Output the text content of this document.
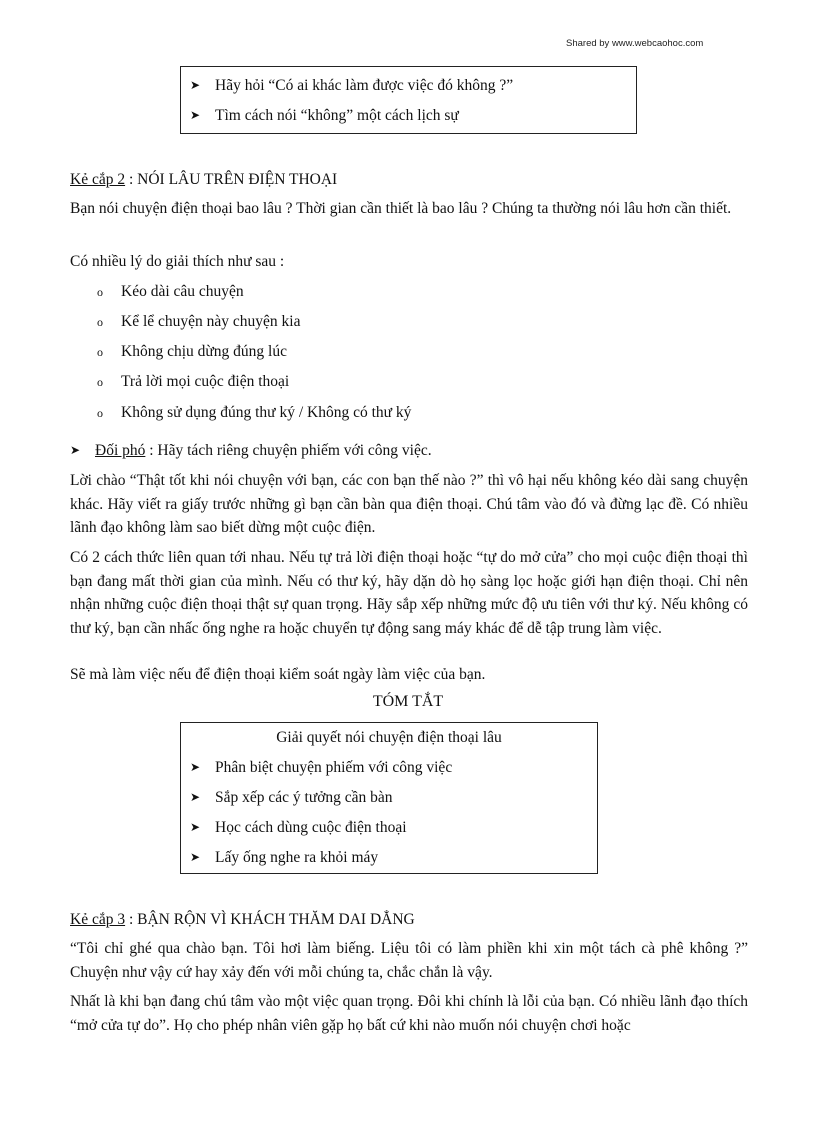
Shared by www.webcaohoc.com
➤ Hãy hỏi “Có ai khác làm được việc đó không ?”
➤ Tìm cách nói “không” một cách lịch sự
Kẻ cắp 2 : NÓI LÂU TRÊN ĐIỆN THOẠI

Bạn nói chuyện điện thoại bao lâu ? Thời gian cần thiết là bao lâu ? Chúng ta thường nói lâu hơn cần thiết.

Có nhiều lý do giải thích như sau :
o Kéo dài câu chuyện
o Kể lể chuyện này chuyện kia
o Không chịu dừng đúng lúc
o Trả lời mọi cuộc điện thoại
o Không sử dụng đúng thư ký / Không có thư ký
➤ Đối phó : Hãy tách riêng chuyện phiếm với công việc.

Lời chào “Thật tốt khi nói chuyện với bạn, các con bạn thế nào ?” thì vô hại nếu không kéo dài sang chuyện khác. Hãy viết ra giấy trước những gì bạn cần bàn qua điện thoại. Chú tâm vào đó và đừng lạc đề. Có nhiều lãnh đạo không làm sao biết dừng một cuộc điện.

Có 2 cách thức liên quan tới nhau. Nếu tự trả lời điện thoại hoặc “tự do mở cửa” cho mọi cuộc điện thoại thì bạn đang mất thời gian của mình. Nếu có thư ký, hãy dặn dò họ sàng lọc hoặc giới hạn điện thoại. Chỉ nên nhận những cuộc điện thoại thật sự quan trọng. Hãy sắp xếp những mức độ ưu tiên với thư ký. Nếu không có thư ký, bạn cần nhấc ống nghe ra hoặc chuyển tự động sang máy khác để dễ tập trung làm việc.

Sẽ mà làm việc nếu để điện thoại kiểm soát ngày làm việc của bạn.
TÓM TẮT
Giải quyết nói chuyện điện thoại lâu
➤ Phân biệt chuyện phiếm với công việc
➤ Sắp xếp các ý tưởng cần bàn
➤ Học cách dùng cuộc điện thoại
➤ Lấy ống nghe ra khỏi máy
Kẻ cắp 3 : BẬN RỘN VÌ KHÁCH THĂM DAI DẲNG

“Tôi chỉ ghé qua chào bạn. Tôi hơi làm biếng. Liệu tôi có làm phiền khi xin một tách cà phê không ?” Chuyện như vậy cứ hay xảy đến với mỗi chúng ta, chắc chắn là vậy.

Nhất là khi bạn đang chú tâm vào một việc quan trọng. Đôi khi chính là lỗi của bạn. Có nhiều lãnh đạo thích “mở cửa tự do”. Họ cho phép nhân viên gặp họ bất cứ khi nào muốn nói chuyện chơi hoặc
